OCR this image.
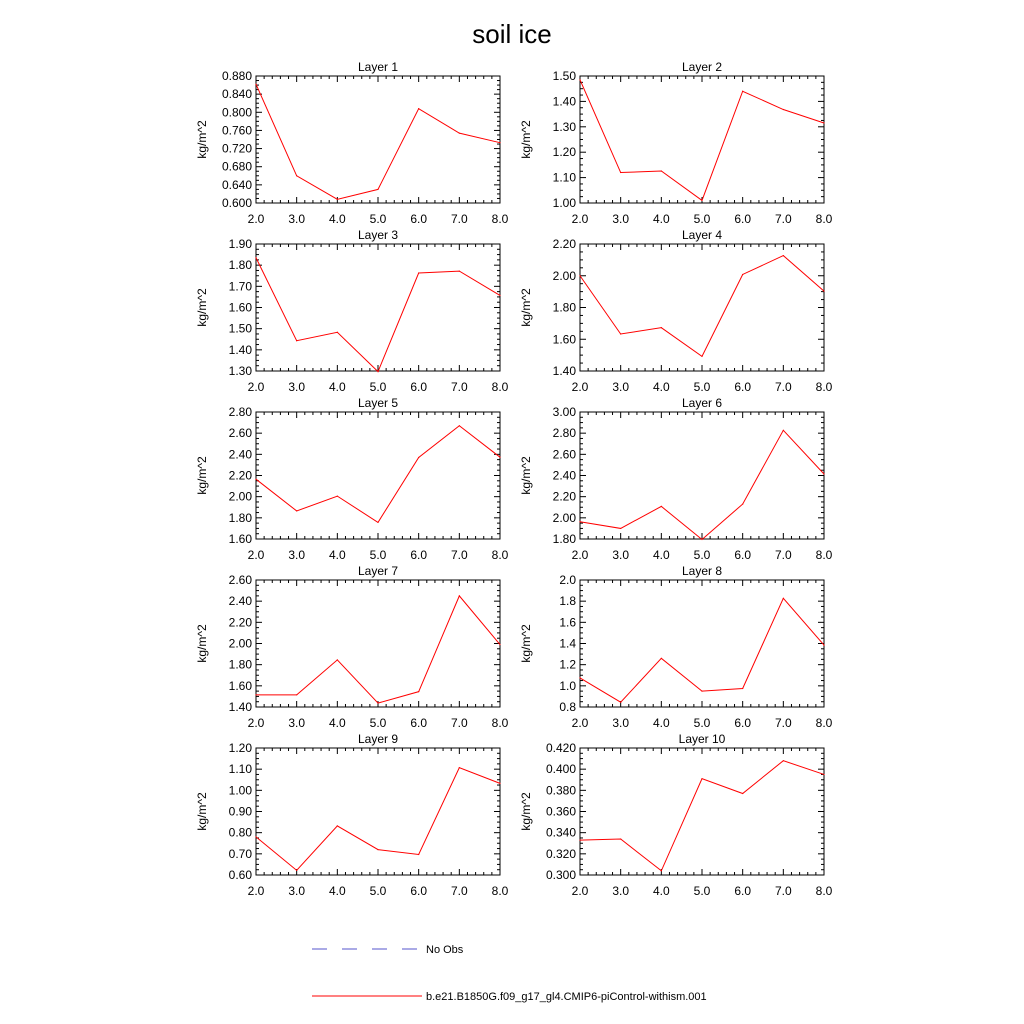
soil ice
Layer 1
kg/m^2
2.0 3.0 4.0 5.0 6.0 7.0 8.0
0.600
0.640
0.680
0.720
0.760
0.800
0.840
0.880
Layer 2
kg/m^2
2.0 3.0 4.0 5.0 6.0 7.0 8.0
1.00
1.10
1.20
1.30
1.40
1.50
Layer 3
kg/m^2
2.0 3.0 4.0 5.0 6.0 7.0 8.0
1.30
1.40
1.50
1.60
1.70
1.80
1.90
Layer 4
kg/m^2
2.0 3.0 4.0 5.0 6.0 7.0 8.0
1.40
1.60
1.80
2.00
2.20
Layer 5
kg/m^2
2.0 3.0 4.0 5.0 6.0 7.0 8.0
1.60
1.80
2.00
2.20
2.40
2.60
2.80
Layer 6
kg/m^2
2.0 3.0 4.0 5.0 6.0 7.0 8.0
1.80
2.00
2.20
2.40
2.60
2.80
3.00
Layer 7
kg/m^2
2.0 3.0 4.0 5.0 6.0 7.0 8.0
1.40
1.60
1.80
2.00
2.20
2.40
2.60
Layer 8
kg/m^2
2.0 3.0 4.0 5.0 6.0 7.0 8.0
0.8
1.0
1.2
1.4
1.6
1.8
2.0
Layer 9
kg/m^2
2.0 3.0 4.0 5.0 6.0 7.0 8.0
0.60
0.70
0.80
0.90
1.00
1.10
1.20
Layer 10
kg/m^2
2.0 3.0 4.0 5.0 6.0 7.0 8.0
0.300
0.320
0.340
0.360
0.380
0.400
0.420
No Obs
b.e21.B1850G.f09_g17_gl4.CMIP6-piControl-withism.001
